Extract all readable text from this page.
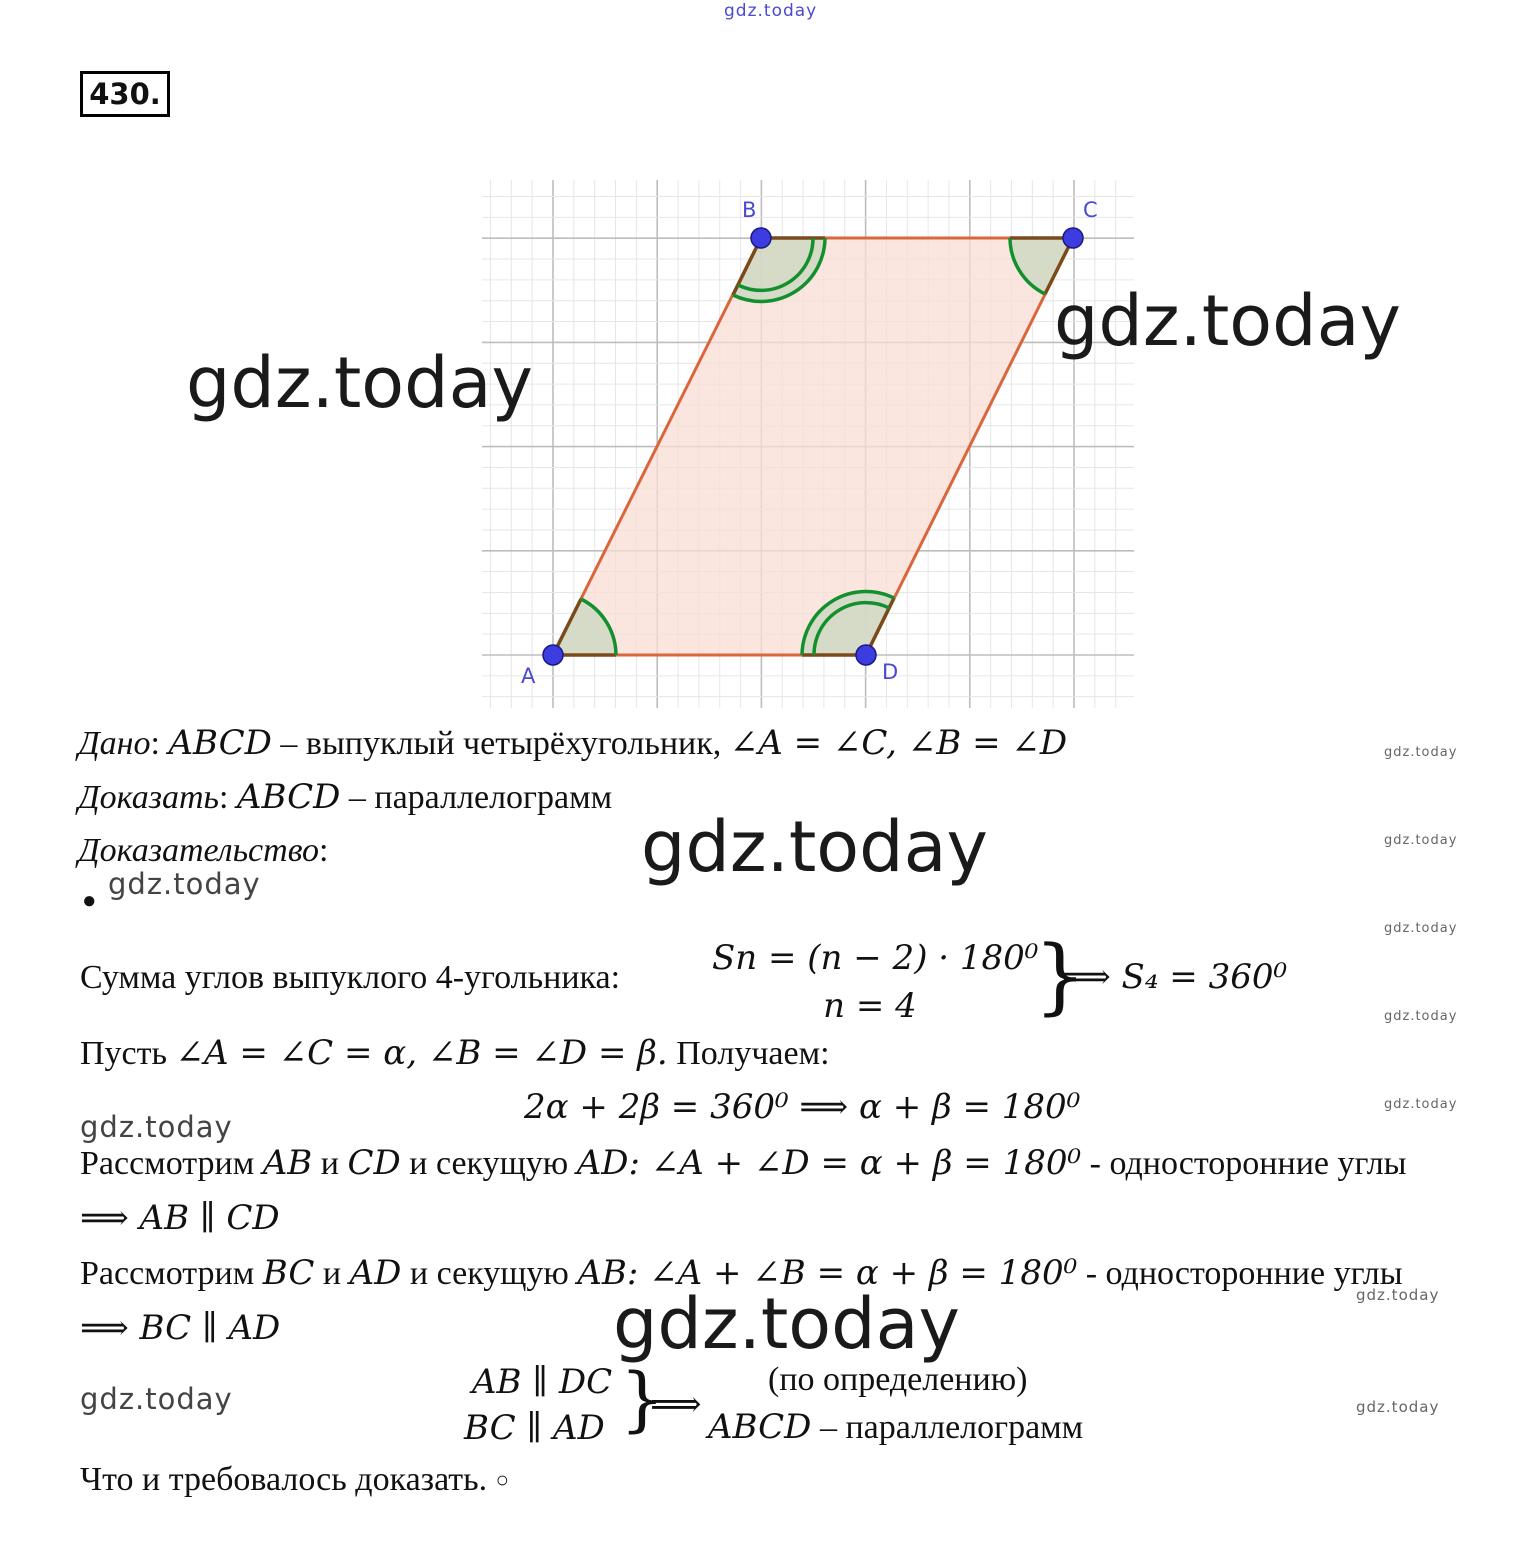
gdz.today
430.
A
B	C
D
gdz.today
gdz.today
gdz.today
gdz.today
gdz.today
gdz.today
gdz.today
gdz.today
gdz.today
gdz.today
gdz.today
gdz.today
gdz.today
gdz.today
Дано: ABCD – выпуклый четырёхугольник, ∠A = ∠C, ∠B = ∠D
Доказать: ABCD – параллелограмм
Доказательство:
●
Сумма углов выпуклого 4-угольника:	Sn = (n − 2) · 180⁰
n = 4 }
⟹ S₄ = 360⁰
Пусть ∠A = ∠C = α, ∠B = ∠D = β. Получаем:
2α + 2β = 360⁰ ⟹ α + β = 180⁰
Рассмотрим AB и CD и секущую AD: ∠A + ∠D = α + β = 180⁰ - односторонние углы
⟹ AB ∥ CD
Рассмотрим BC и AD и секущую AB: ∠A + ∠B = α + β = 180⁰ - односторонние углы
⟹ BC ∥ AD
AB ∥ DC
BC ∥ AD }
⟹
(по определению)
ABCD – параллелограмм
Что и требовалось доказать. ○
